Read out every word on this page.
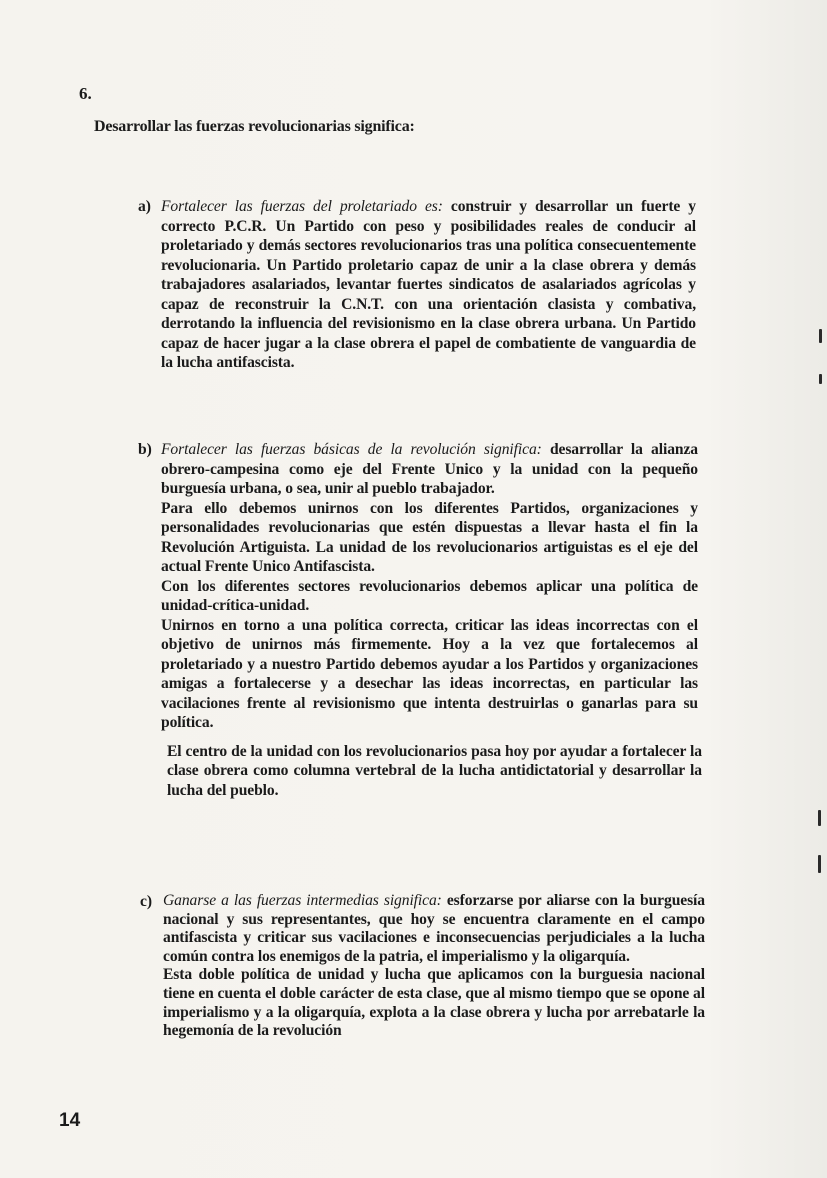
6.
Desarrollar las fuerzas revolucionarias significa:
a) Fortalecer las fuerzas del proletariado es: construir y desarrollar un fuerte y correcto P.C.R. Un Partido con peso y posibilidades reales de conducir al proletariado y demás sectores revolucionarios tras una política consecuentemente revolucionaria. Un Partido proletario capaz de unir a la clase obrera y demás trabajadores asalariados, levantar fuertes sindicatos de asalariados agrícolas y capaz de reconstruir la C.N.T. con una orientación clasista y combativa, derrotando la influencia del revisionismo en la clase obrera urbana. Un Partido capaz de hacer jugar a la clase obrera el papel de combatiente de vanguardia de la lucha antifascista.

b) Fortalecer las fuerzas básicas de la revolución significa: desarrollar la alianza obrero-campesina como eje del Frente Unico y la unidad con la pequeño burguesía urbana, o sea, unir al pueblo trabajador.

Para ello debemos unirnos con los diferentes Partidos, organizaciones y personalidades revolucionarias que estén dispuestas a llevar hasta el fin la Revolución Artiguista. La unidad de los revolucionarios artiguistas es el eje del actual Frente Unico Antifascista.

Con los diferentes sectores revolucionarios debemos aplicar una política de unidad-crítica-unidad.

Unirnos en torno a una política correcta, criticar las ideas incorrectas con el objetivo de unirnos más firmemente. Hoy a la vez que fortalecemos al proletariado y a nuestro Partido debemos ayudar a los Partidos y organizaciones amigas a fortalecerse y a desechar las ideas incorrectas, en particular las vacilaciones frente al revisionismo que intenta destruirlas o ganarlas para su política.

El centro de la unidad con los revolucionarios pasa hoy por ayudar a fortalecer la clase obrera como columna vertebral de la lucha antidictatorial y desarrollar la lucha del pueblo.

c) Ganarse a las fuerzas intermedias significa: esforzarse por aliarse con la burguesía nacional y sus representantes, que hoy se encuentra claramente en el campo antifascista y criticar sus vacilaciones e inconsecuencias perjudiciales a la lucha común contra los enemigos de la patria, el imperialismo y la oligarquía.

Esta doble política de unidad y lucha que aplicamos con la burguesia nacional tiene en cuenta el doble carácter de esta clase, que al mismo tiempo que se opone al imperialismo y a la oligarquía, explota a la clase obrera y lucha por arrebatarle la hegemonía de la revolución

14
